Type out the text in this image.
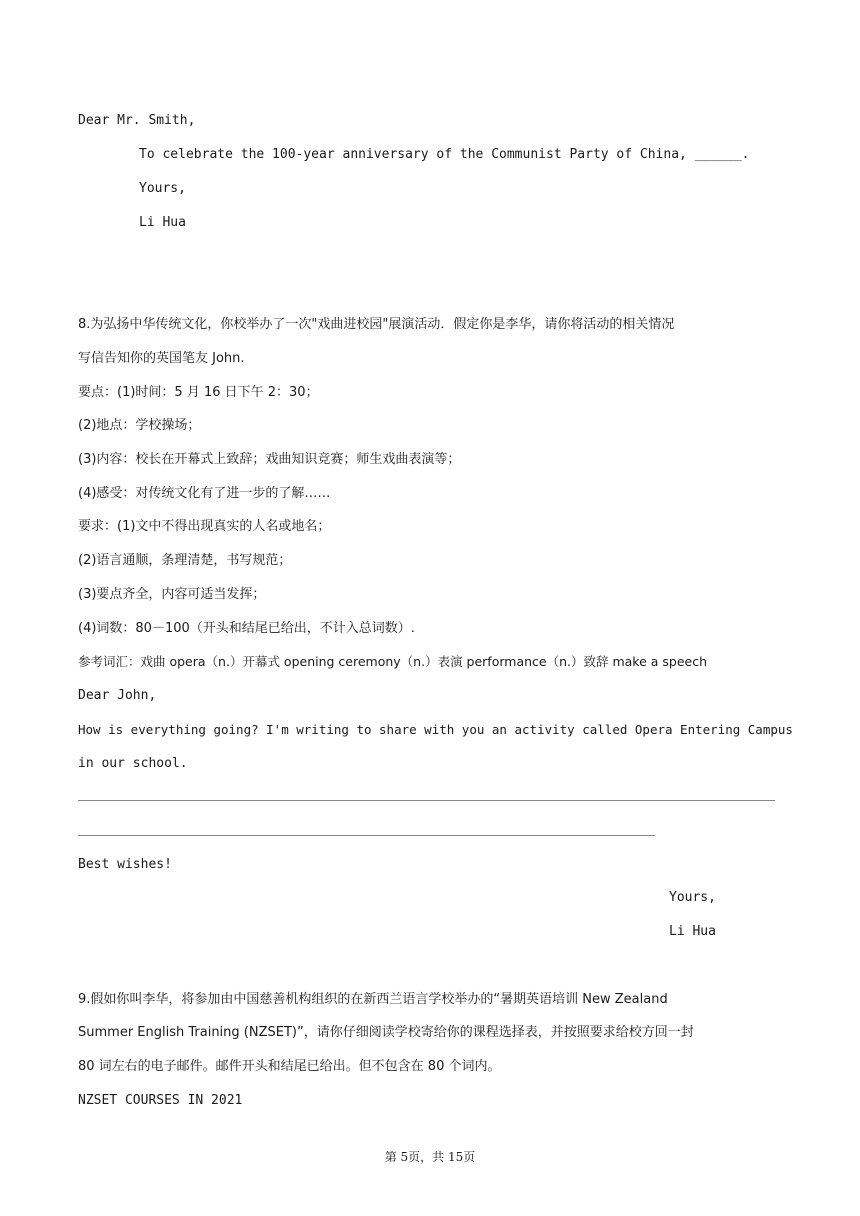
Dear Mr. Smith,
To celebrate the 100-year anniversary of the Communist Party of China, ______.
Yours,
Li Hua
8.为弘扬中华传统文化，你校举办了一次"戏曲进校园"展演活动．假定你是李华，请你将活动的相关情况
写信告知你的英国笔友 John.
要点：(1)时间：5 月 16 日下午 2：30；
(2)地点：学校操场；
(3)内容：校长在开幕式上致辞；戏曲知识竞赛；师生戏曲表演等；
(4)感受：对传统文化有了进一步的了解……
要求：(1)文中不得出现真实的人名或地名；
(2)语言通顺，条理清楚，书写规范；
(3)要点齐全，内容可适当发挥；
(4)词数：80－100（开头和结尾已给出，不计入总词数）.
参考词汇：戏曲 opera（n.）开幕式 opening ceremony（n.）表演 performance（n.）致辞 make a speech
Dear John,
How is everything going? I'm writing to share with you an activity called Opera Entering Campus
in our school.
Best wishes!
Yours,
Li Hua
9.假如你叫李华，将参加由中国慈善机构组织的在新西兰语言学校举办的“暑期英语培训 New Zealand
Summer English Training (NZSET)”，请你仔细阅读学校寄给你的课程选择表，并按照要求给校方回一封
80 词左右的电子邮件。邮件开头和结尾已给出。但不包含在 80 个词内。
NZSET COURSES IN 2021
第 5页，共 15页
